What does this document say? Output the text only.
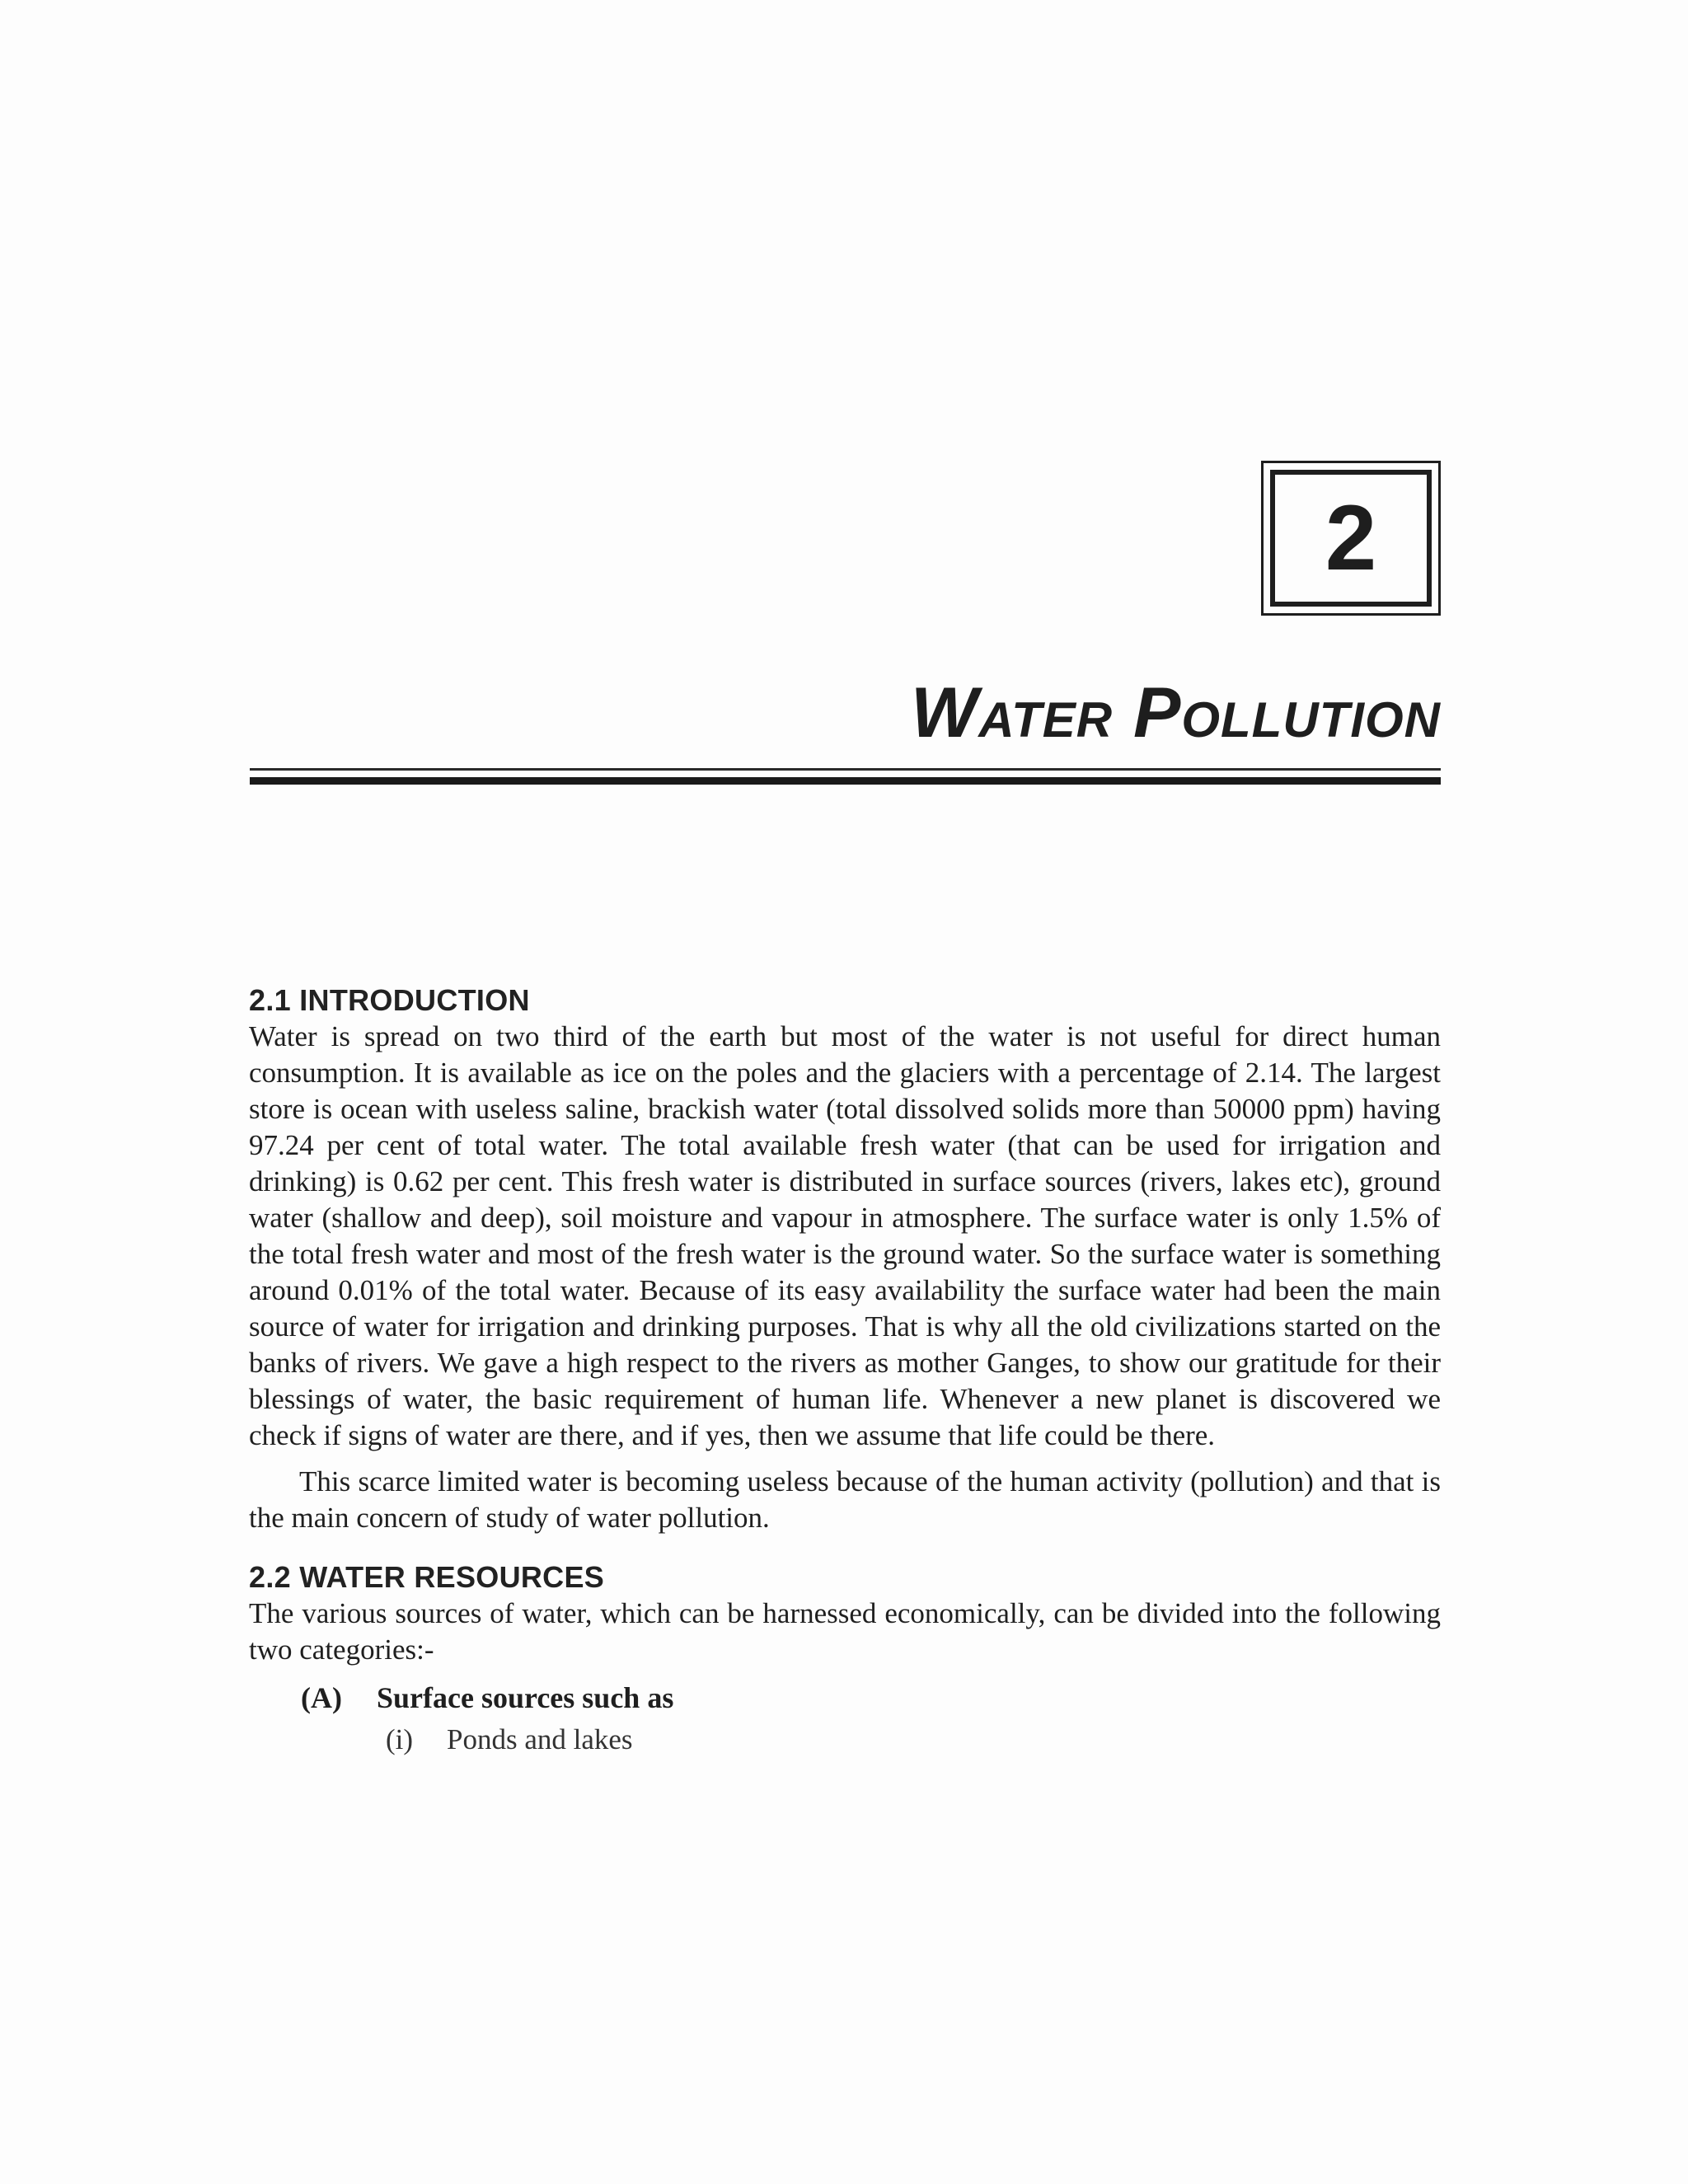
2
Water Pollution
2.1 INTRODUCTION

Water is spread on two third of the earth but most of the water is not useful for direct human consumption. It is available as ice on the poles and the glaciers with a percentage of 2.14. The largest store is ocean with useless saline, brackish water (total dissolved solids more than 50000 ppm) having 97.24 per cent of total water. The total available fresh water (that can be used for irrigation and drinking) is 0.62 per cent. This fresh water is distributed in surface sources (rivers, lakes etc), ground water (shallow and deep), soil moisture and vapour in atmosphere. The surface water is only 1.5% of the total fresh water and most of the fresh water is the ground water. So the surface water is something around 0.01% of the total water. Because of its easy availability the surface water had been the main source of water for irrigation and drinking purposes. That is why all the old civilizations started on the banks of rivers. We gave a high respect to the rivers as mother Ganges, to show our gratitude for their blessings of water, the basic requirement of human life. Whenever a new planet is discovered we check if signs of water are there, and if yes, then we assume that life could be there.

This scarce limited water is becoming useless because of the human activity (pollution) and that is the main concern of study of water pollution.

2.2 WATER RESOURCES

The various sources of water, which can be harnessed economically, can be divided into the following two categories:-

(A) Surface sources such as
(i) Ponds and lakes
